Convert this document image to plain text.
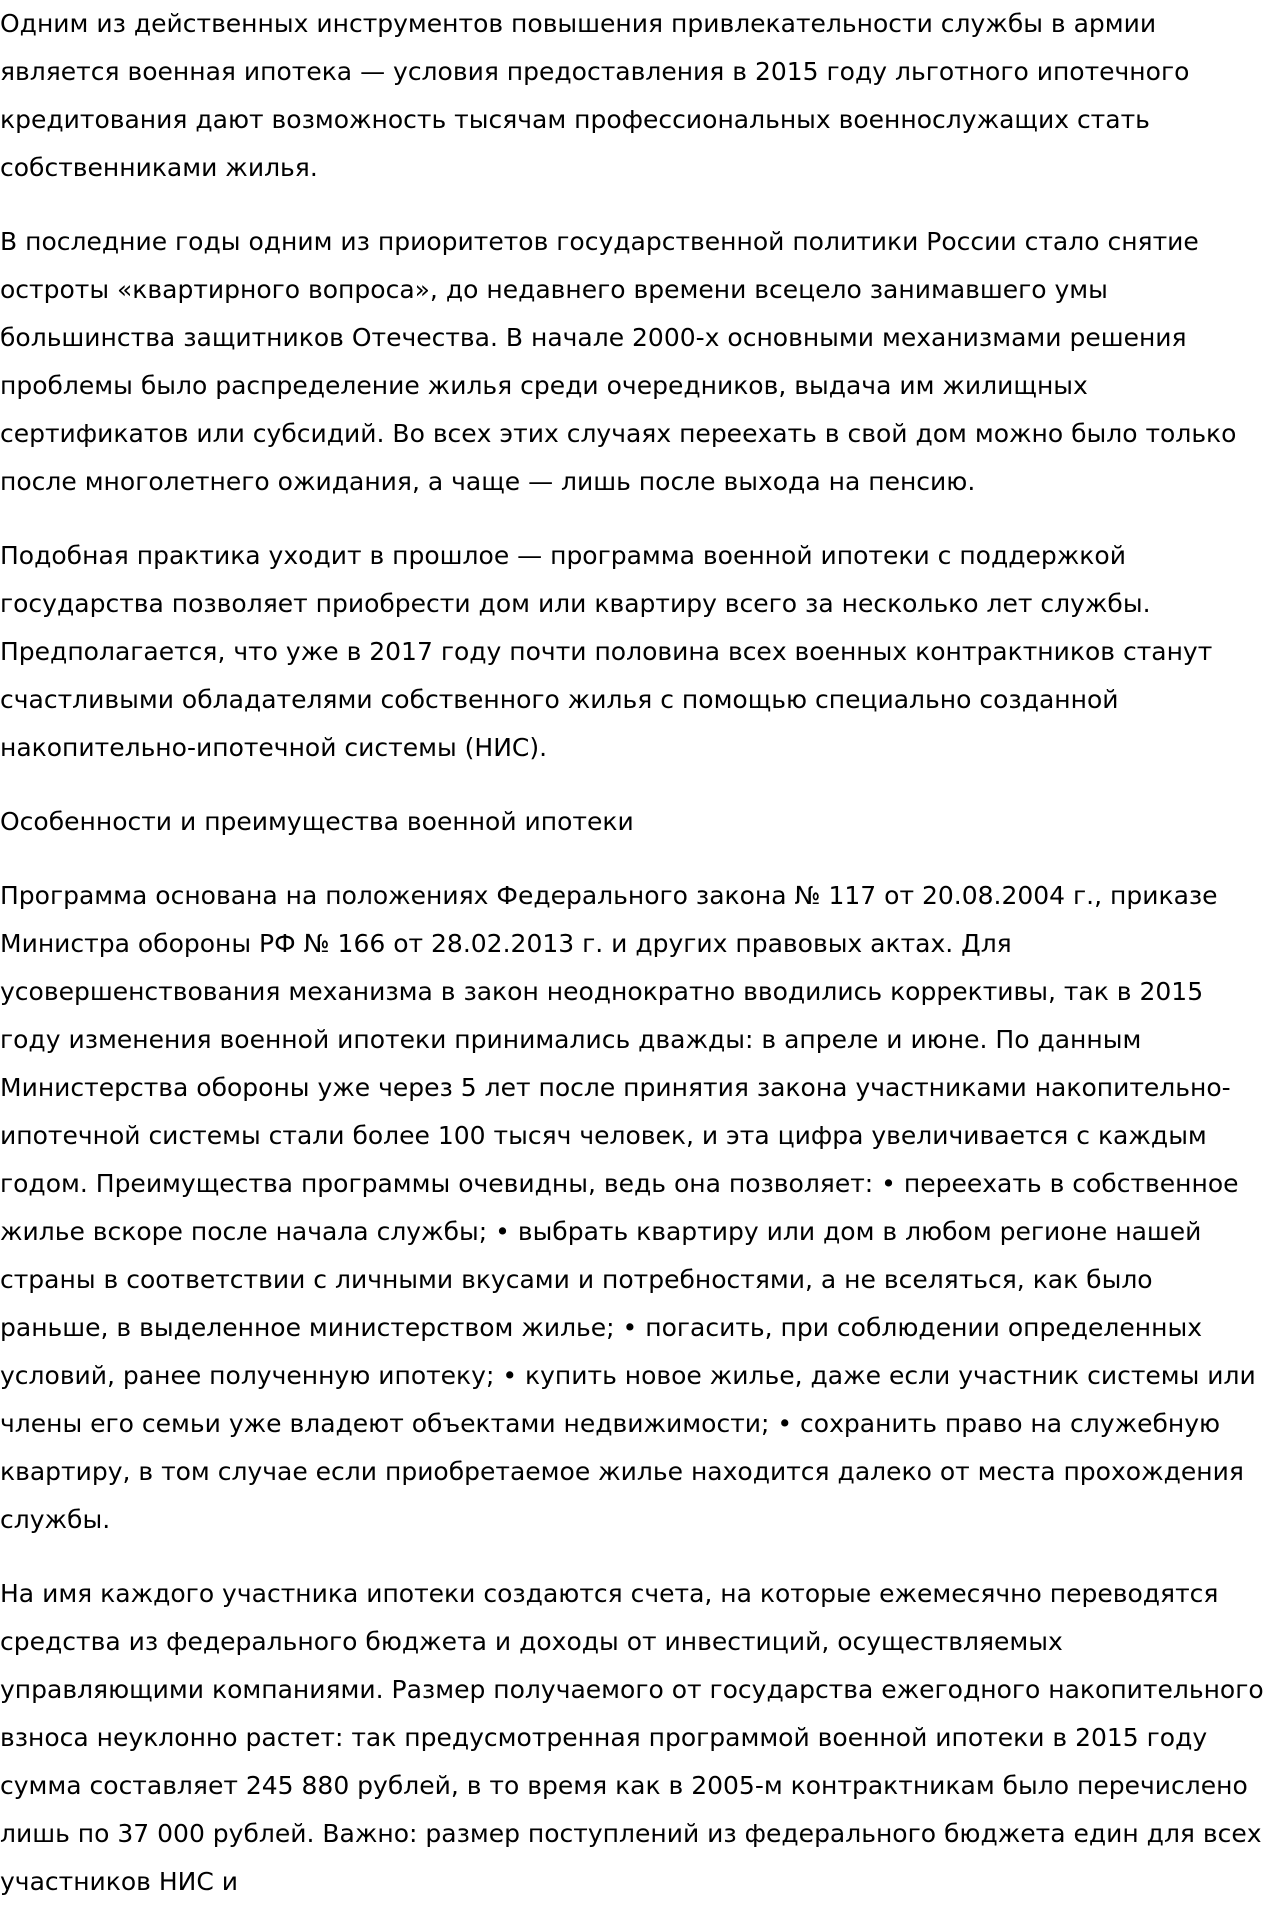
Одним из действенных инструментов повышения привлекательности службы в армии является военная ипотека — условия предоставления в 2015 году льготного ипотечного кредитования дают возможность тысячам профессиональных военнослужащих стать собственниками жилья.

В последние годы одним из приоритетов государственной политики России стало снятие остроты «квартирного вопроса», до недавнего времени всецело занимавшего умы большинства защитников Отечества. В начале 2000-х основными механизмами решения проблемы было распределение жилья среди очередников, выдача им жилищных сертификатов или субсидий. Во всех этих случаях переехать в свой дом можно было только после многолетнего ожидания, а чаще — лишь после выхода на пенсию.

Подобная практика уходит в прошлое — программа военной ипотеки с поддержкой государства позволяет приобрести дом или квартиру всего за несколько лет службы. Предполагается, что уже в 2017 году почти половина всех военных контрактников станут счастливыми обладателями собственного жилья с помощью специально созданной накопительно-ипотечной системы (НИС).

Особенности и преимущества военной ипотеки

Программа основана на положениях Федерального закона № 117 от 20.08.2004 г., приказе Министра обороны РФ № 166 от 28.02.2013 г. и других правовых актах. Для усовершенствования механизма в закон неоднократно вводились коррективы, так в 2015 году изменения военной ипотеки принимались дважды: в апреле и июне. По данным Министерства обороны уже через 5 лет после принятия закона участниками накопительно-ипотечной системы стали более 100 тысяч человек, и эта цифра увеличивается с каждым годом. Преимущества программы очевидны, ведь она позволяет: • переехать в собственное жилье вскоре после начала службы; • выбрать квартиру или дом в любом регионе нашей страны в соответствии с личными вкусами и потребностями, а не вселяться, как было раньше, в выделенное министерством жилье; • погасить, при соблюдении определенных условий, ранее полученную ипотеку; • купить новое жилье, даже если участник системы или члены его семьи уже владеют объектами недвижимости; • сохранить право на служебную квартиру, в том случае если приобретаемое жилье находится далеко от места прохождения службы.

На имя каждого участника ипотеки создаются счета, на которые ежемесячно переводятся средства из федерального бюджета и доходы от инвестиций, осуществляемых управляющими компаниями. Размер получаемого от государства ежегодного накопительного взноса неуклонно растет: так предусмотренная программой военной ипотеки в 2015 году сумма составляет 245 880 рублей, в то время как в 2005-м контрактникам было перечислено лишь по 37 000 рублей. Важно: размер поступлений из федерального бюджета един для всех участников НИС и
